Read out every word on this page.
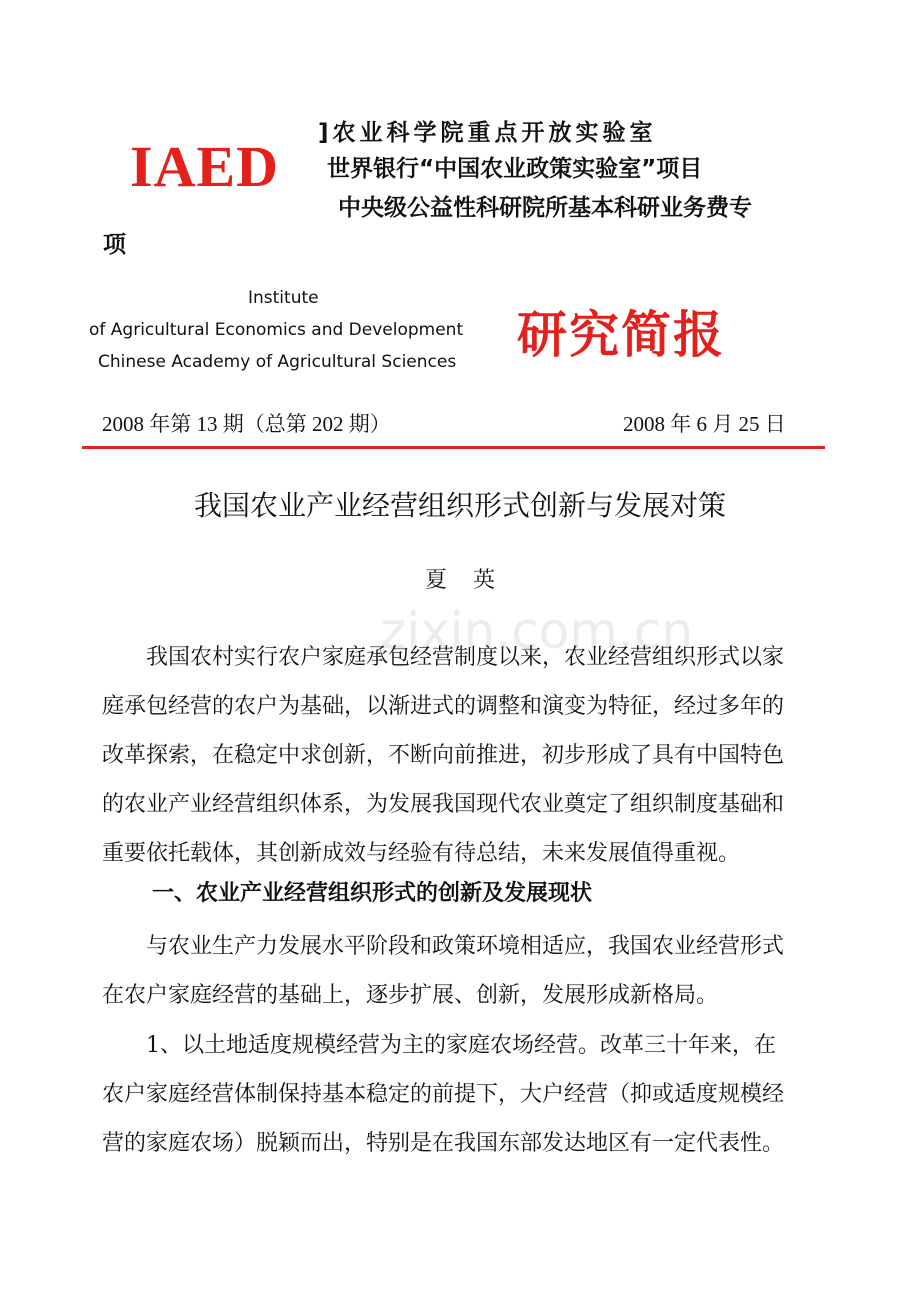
IAED
]农业科学院重点开放实验室
世界银行“中国农业政策实验室”项目
中央级公益性科研院所基本科研业务费专
项
Institute
of Agricultural Economics and Development
Chinese Academy of Agricultural Sciences 研究简报
2008 年第 13 期（总第 202 期）	2008 年 6 月 25 日
zixin.com.cn
我国农业产业经营组织形式创新与发展对策
夏英
我国农村实行农户家庭承包经营制度以来，农业经营组织形式以家
庭承包经营的农户为基础，以渐进式的调整和演变为特征，经过多年的
改革探索，在稳定中求创新，不断向前推进，初步形成了具有中国特色
的农业产业经营组织体系，为发展我国现代农业奠定了组织制度基础和
重要依托载体，其创新成效与经验有待总结，未来发展值得重视。
一、农业产业经营组织形式的创新及发展现状
与农业生产力发展水平阶段和政策环境相适应，我国农业经营形式
在农户家庭经营的基础上，逐步扩展、创新，发展形成新格局。
1、以土地适度规模经营为主的家庭农场经营。改革三十年来，在
农户家庭经营体制保持基本稳定的前提下，大户经营（抑或适度规模经
营的家庭农场）脱颖而出，特别是在我国东部发达地区有一定代表性。
